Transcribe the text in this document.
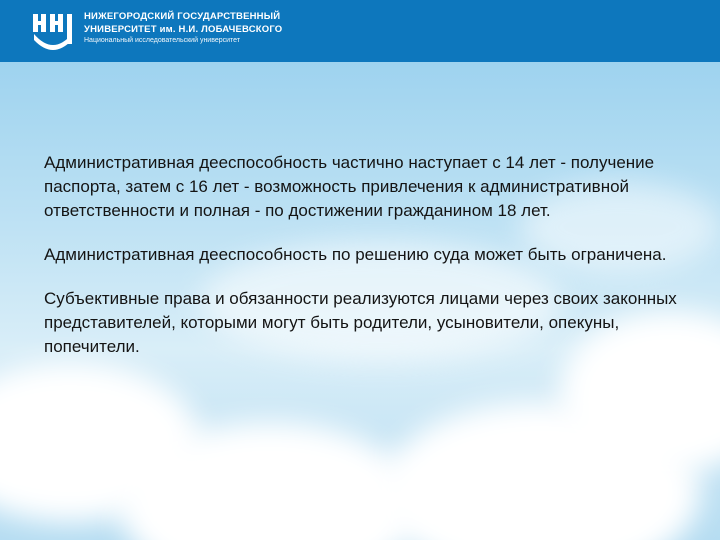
НИЖЕГОРОДСКИЙ ГОСУДАРСТВЕННЫЙ
УНИВЕРСИТЕТ им. Н.И. ЛОБАЧЕВСКОГО
Национальный исследовательский университет

Административная дееспособность частично наступает с 14 лет - получение паспорта, затем с 16 лет - возможность привлечения к административной ответственности и полная - по достижении гражданином 18 лет.

Административная дееспособность по решению суда может быть ограничена.

Субъективные права и обязанности реализуются лицами через своих законных представителей, которыми могут быть родители, усыновители, опекуны, попечители.
